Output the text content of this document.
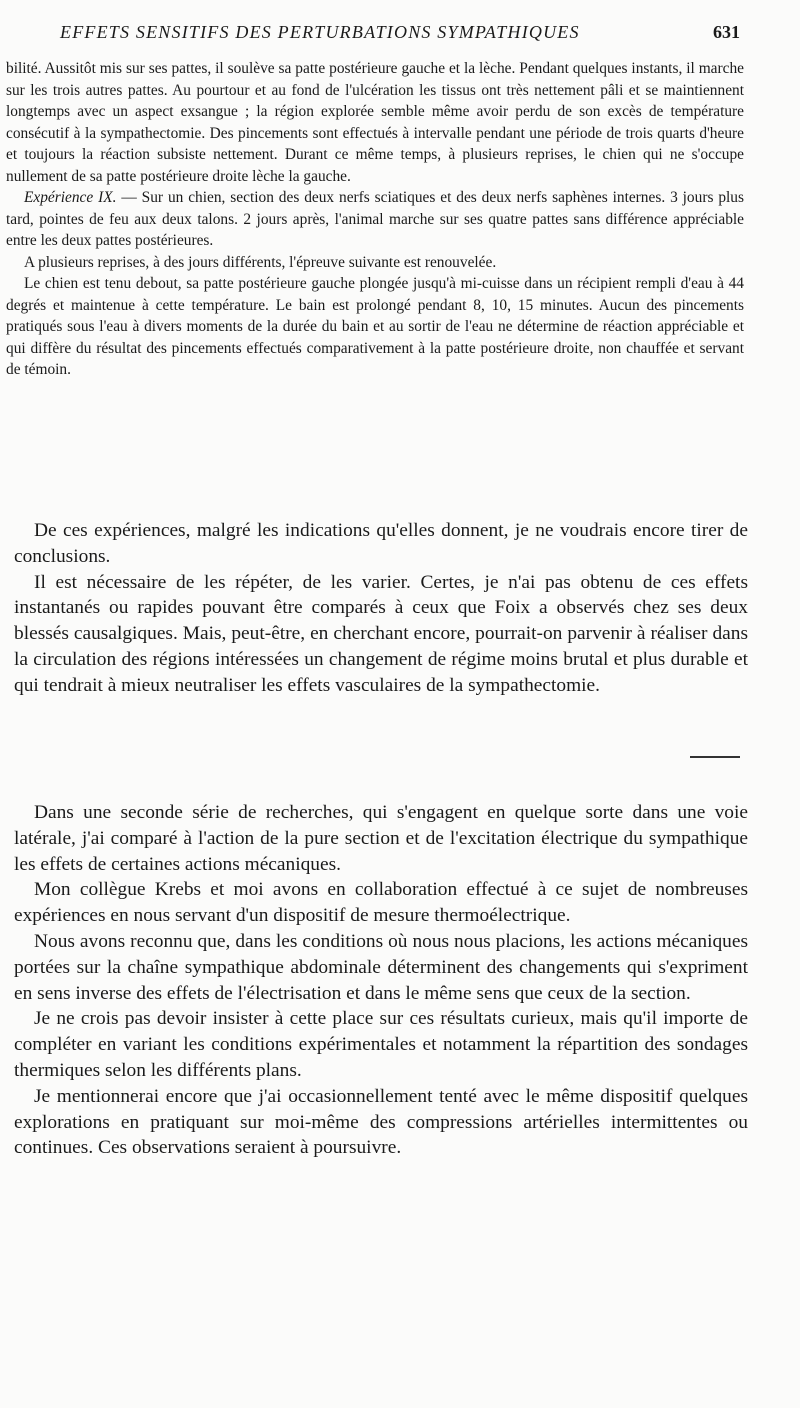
EFFETS SENSITIFS DES PERTURBATIONS SYMPATHIQUES	631

bilité. Aussitôt mis sur ses pattes, il soulève sa patte postérieure gauche et la lèche. Pendant quelques instants, il marche sur les trois autres pattes. Au pourtour et au fond de l'ulcération les tissus ont très nettement pâli et se maintiennent longtemps avec un aspect exsangue ; la région explorée semble même avoir perdu de son excès de température consécutif à la sympathectomie. Des pincements sont effectués à intervalle pendant une période de trois quarts d'heure et toujours la réaction subsiste nettement. Durant ce même temps, à plusieurs reprises, le chien qui ne s'occupe nullement de sa patte postérieure droite lèche la gauche.

Expérience IX. — Sur un chien, section des deux nerfs sciatiques et des deux nerfs saphènes internes. 3 jours plus tard, pointes de feu aux deux talons. 2 jours après, l'animal marche sur ses quatre pattes sans différence appréciable entre les deux pattes postérieures.

A plusieurs reprises, à des jours différents, l'épreuve suivante est renouvelée.

Le chien est tenu debout, sa patte postérieure gauche plongée jusqu'à mi-cuisse dans un récipient rempli d'eau à 44 degrés et maintenue à cette température. Le bain est prolongé pendant 8, 10, 15 minutes. Aucun des pincements pratiqués sous l'eau à divers moments de la durée du bain et au sortir de l'eau ne détermine de réaction appréciable et qui diffère du résultat des pincements effectués comparativement à la patte postérieure droite, non chauffée et servant de témoin.

De ces expériences, malgré les indications qu'elles donnent, je ne voudrais encore tirer de conclusions.

Il est nécessaire de les répéter, de les varier. Certes, je n'ai pas obtenu de ces effets instantanés ou rapides pouvant être comparés à ceux que Foix a observés chez ses deux blessés causalgiques. Mais, peut-être, en cherchant encore, pourrait-on parvenir à réaliser dans la circulation des régions intéressées un changement de régime moins brutal et plus durable et qui tendrait à mieux neutraliser les effets vasculaires de la sympathectomie.

Dans une seconde série de recherches, qui s'engagent en quelque sorte dans une voie latérale, j'ai comparé à l'action de la pure section et de l'excitation électrique du sympathique les effets de certaines actions mécaniques.

Mon collègue Krebs et moi avons en collaboration effectué à ce sujet de nombreuses expériences en nous servant d'un dispositif de mesure thermoélectrique.

Nous avons reconnu que, dans les conditions où nous nous placions, les actions mécaniques portées sur la chaîne sympathique abdominale déterminent des changements qui s'expriment en sens inverse des effets de l'électrisation et dans le même sens que ceux de la section.

Je ne crois pas devoir insister à cette place sur ces résultats curieux, mais qu'il importe de compléter en variant les conditions expérimentales et notamment la répartition des sondages thermiques selon les différents plans.

Je mentionnerai encore que j'ai occasionnellement tenté avec le même dispositif quelques explorations en pratiquant sur moi-même des compressions artérielles intermittentes ou continues. Ces observations seraient à poursuivre.
